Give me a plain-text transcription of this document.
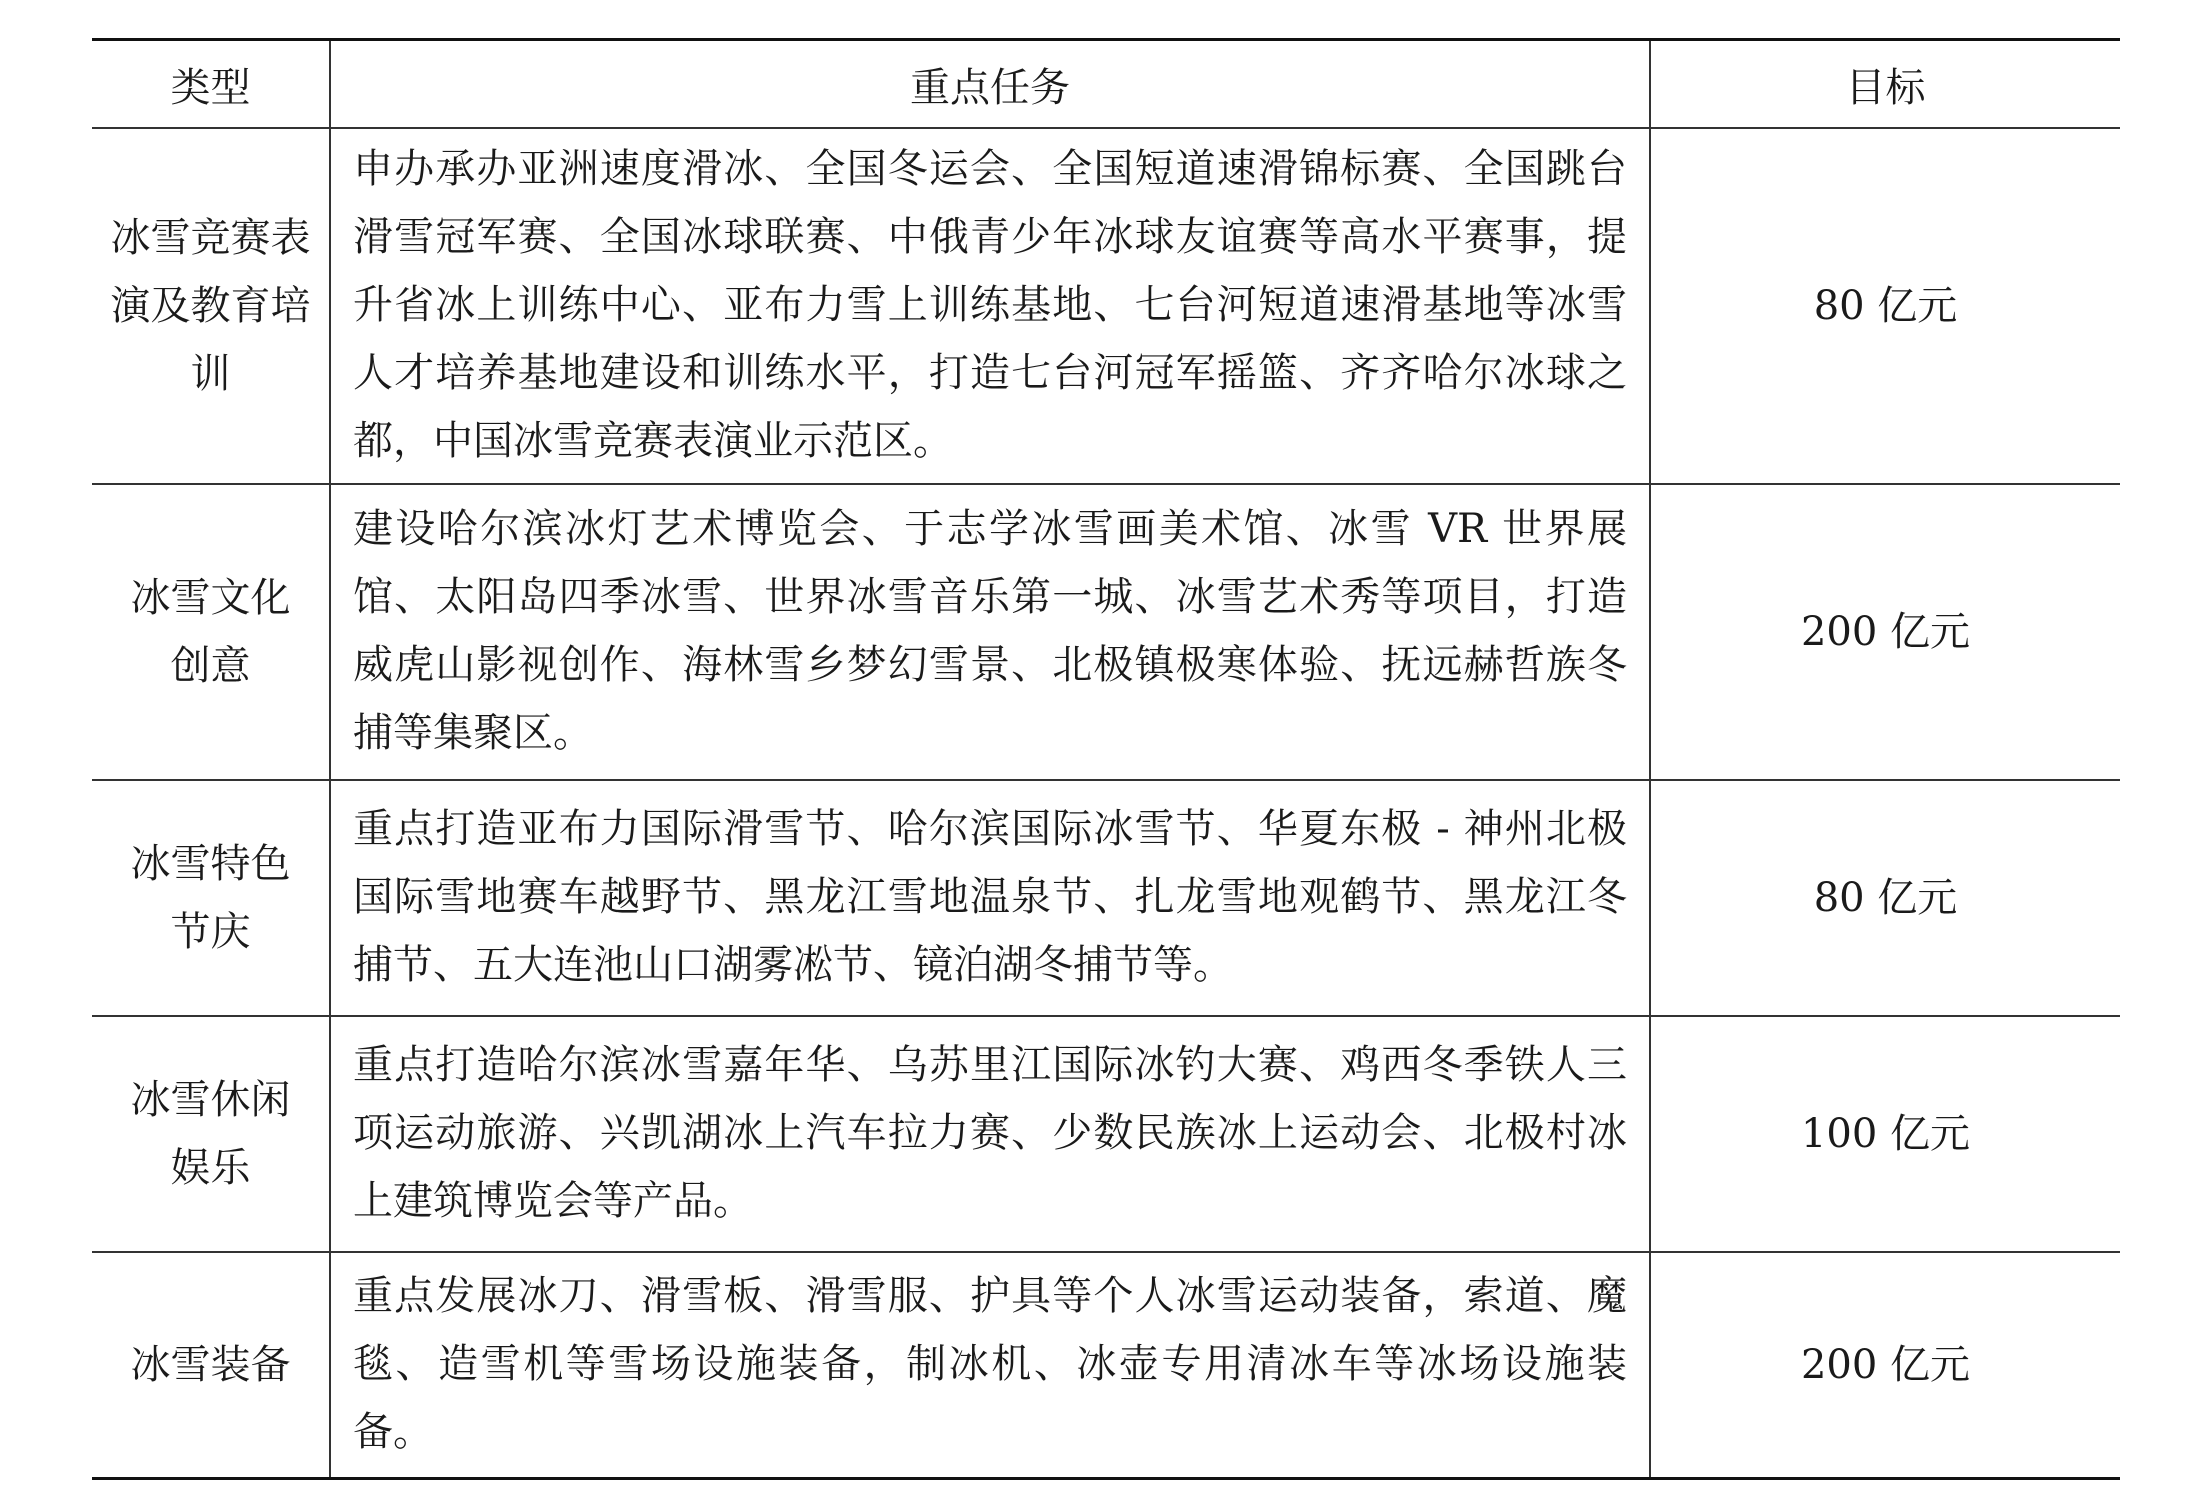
类型	重点任务	目标
冰雪竞赛表演及教育培训	申办承办亚洲速度滑冰、全国冬运会、全国短道速滑锦标赛、全国跳台滑雪冠军赛、全国冰球联赛、中俄青少年冰球友谊赛等高水平赛事，提升省冰上训练中心、亚布力雪上训练基地、七台河短道速滑基地等冰雪人才培养基地建设和训练水平，打造七台河冠军摇篮、齐齐哈尔冰球之都，中国冰雪竞赛表演业示范区。	80 亿元
冰雪文化创意	建设哈尔滨冰灯艺术博览会、于志学冰雪画美术馆、冰雪 VR 世界展馆、太阳岛四季冰雪、世界冰雪音乐第一城、冰雪艺术秀等项目，打造威虎山影视创作、海林雪乡梦幻雪景、北极镇极寒体验、抚远赫哲族冬捕等集聚区。	200 亿元
冰雪特色节庆	重点打造亚布力国际滑雪节、哈尔滨国际冰雪节、华夏东极 - 神州北极国际雪地赛车越野节、黑龙江雪地温泉节、扎龙雪地观鹤节、黑龙江冬捕节、五大连池山口湖雾凇节、镜泊湖冬捕节等。	80 亿元
冰雪休闲娱乐	重点打造哈尔滨冰雪嘉年华、乌苏里江国际冰钓大赛、鸡西冬季铁人三项运动旅游、兴凯湖冰上汽车拉力赛、少数民族冰上运动会、北极村冰上建筑博览会等产品。	100 亿元
冰雪装备	重点发展冰刀、滑雪板、滑雪服、护具等个人冰雪运动装备，索道、魔毯、造雪机等雪场设施装备，制冰机、冰壶专用清冰车等冰场设施装备。	200 亿元
